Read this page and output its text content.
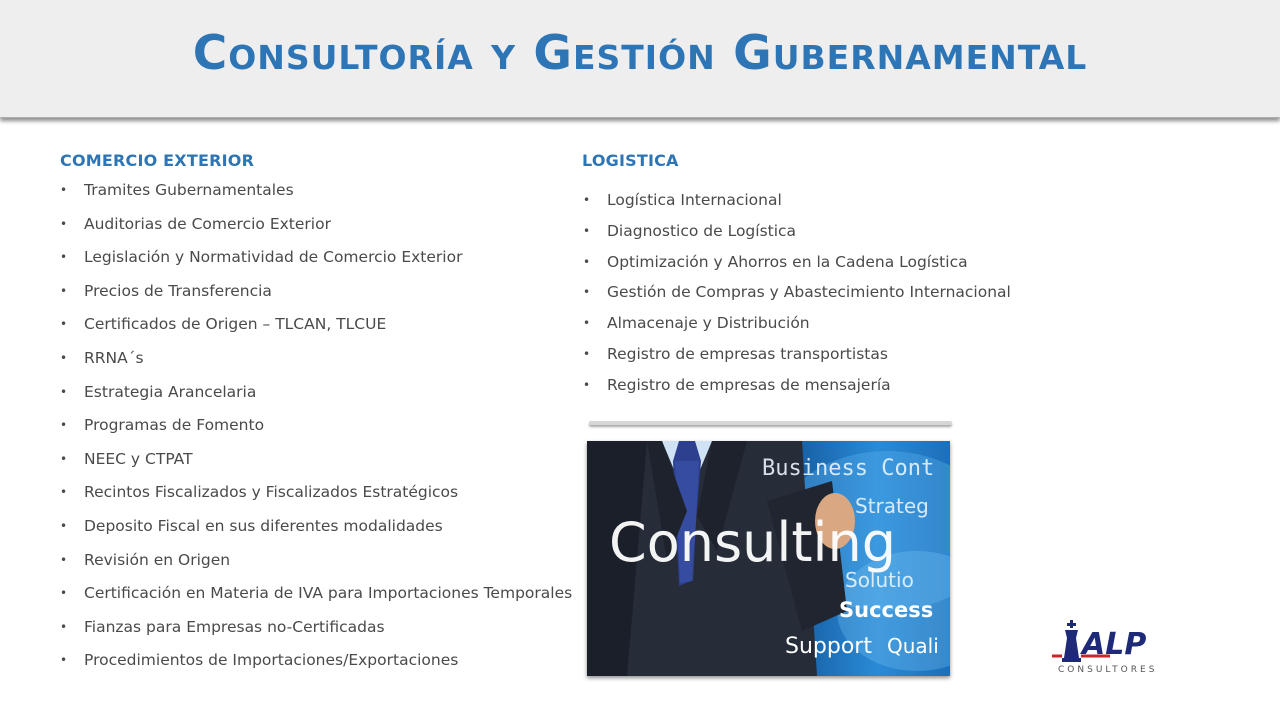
Consultoría y Gestión Gubernamental
COMERCIO EXTERIOR
• Tramites Gubernamentales
• Auditorias de Comercio Exterior
• Legislación y Normatividad de Comercio Exterior
• Precios de Transferencia
• Certificados de Origen – TLCAN, TLCUE
• RRNA´s
• Estrategia Arancelaria
• Programas de Fomento
• NEEC y CTPAT
• Recintos Fiscalizados y Fiscalizados Estratégicos
• Deposito Fiscal en sus diferentes modalidades
• Revisión en Origen
• Certificación en Materia de IVA para Importaciones Temporales
• Fianzas para Empresas no-Certificadas
• Procedimientos de Importaciones/Exportaciones
LOGISTICA
• Logística Internacional
• Diagnostico de Logística
• Optimización y Ahorros en la Cadena Logística
• Gestión de Compras y Abastecimiento Internacional
• Almacenaje y Distribución
• Registro de empresas transportistas
• Registro de empresas de mensajería
Consulting
Business Cont
Strateg
Solutio
Success
Support Quali	ALP
CONSULTORES
